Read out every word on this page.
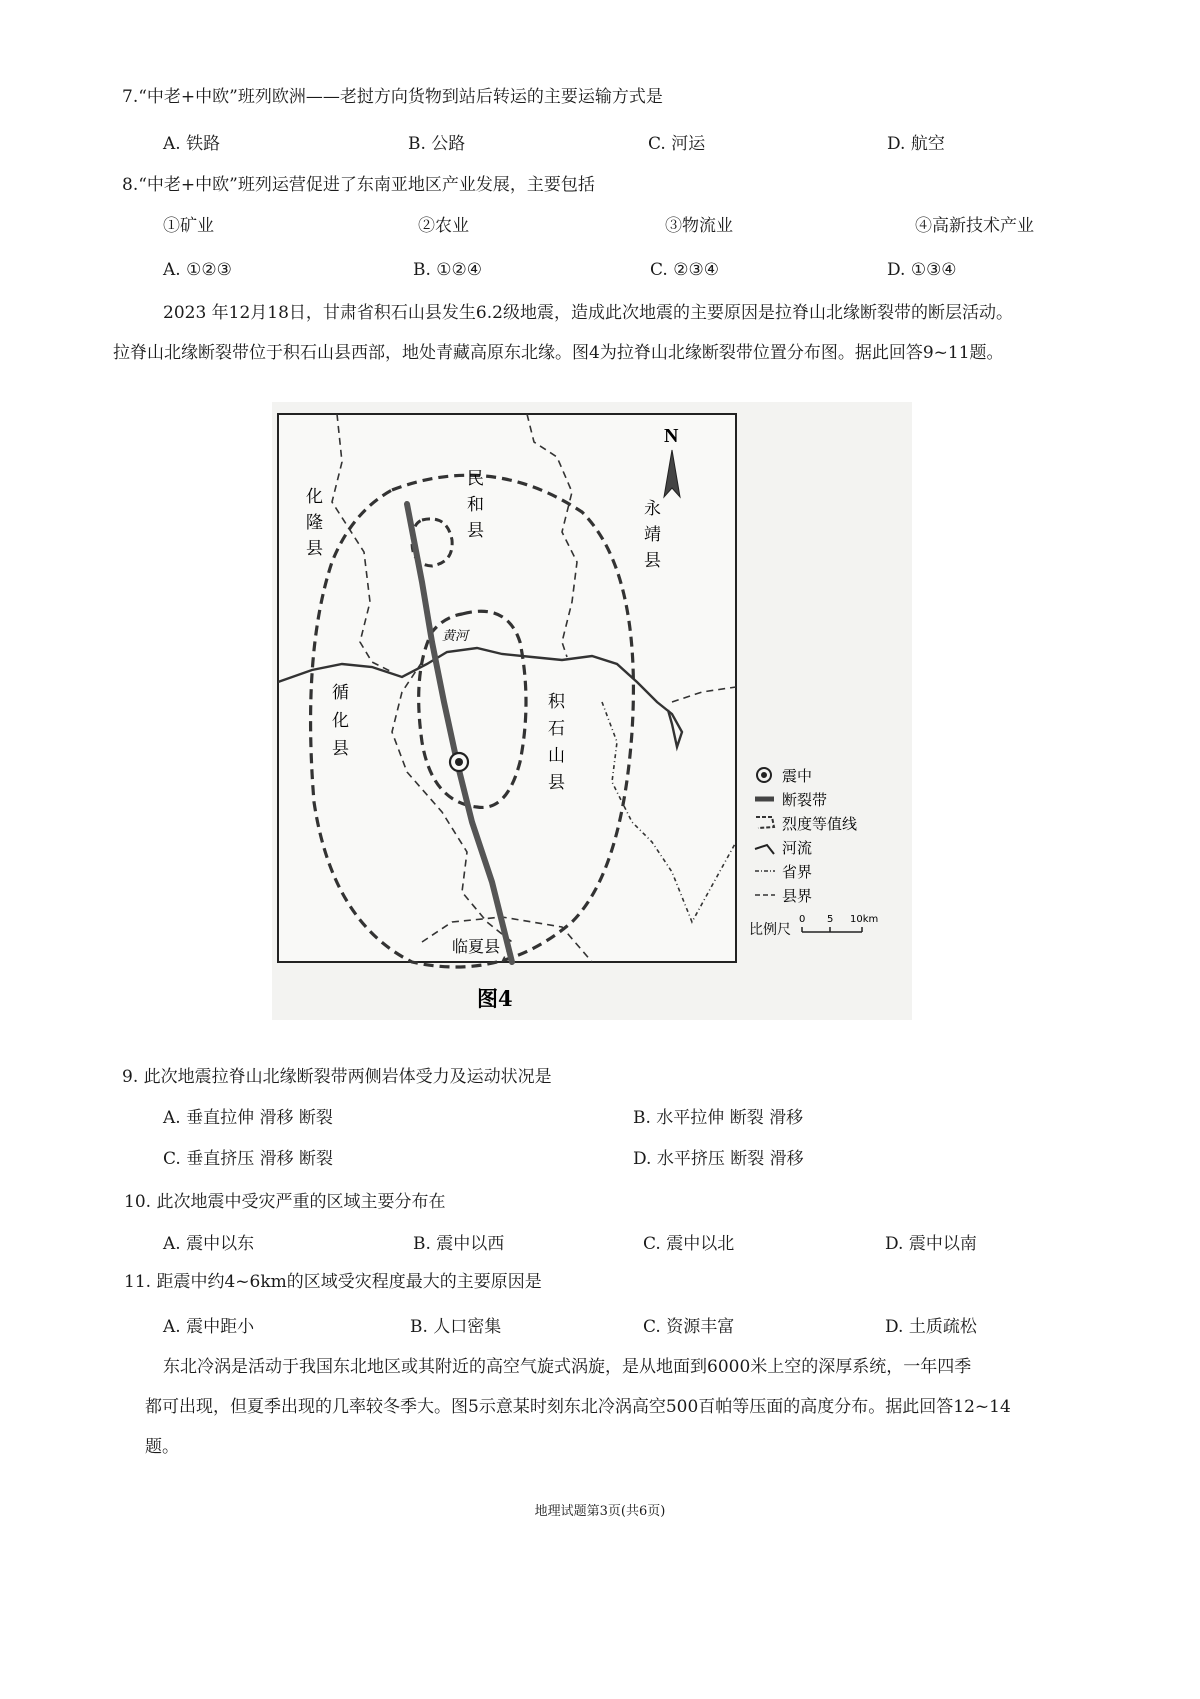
7.“中老+中欧”班列欧洲——老挝方向货物到站后转运的主要运输方式是
A. 铁路	B. 公路	C. 河运	D. 航空
8.“中老+中欧”班列运营促进了东南亚地区产业发展，主要包括
①矿业	②农业	③物流业	④高新技术产业
A. ①②③	B. ①②④	C. ②③④	D. ①③④
2023 年12月18日，甘肃省积石山县发生6.2级地震，造成此次地震的主要原因是拉脊山北缘断裂带的断层活动。
拉脊山北缘断裂带位于积石山县西部，地处青藏高原东北缘。图4为拉脊山北缘断裂带位置分布图。据此回答9~11题。
N
化隆县
民和县
永靖县
循化县
积石山县
临夏县
黄河
震中
断裂带
烈度等值线
河流
省界
县界
比例尺
0 5 10km
图4
9. 此次地震拉脊山北缘断裂带两侧岩体受力及运动状况是
A. 垂直拉伸 滑移 断裂	B. 水平拉伸 断裂 滑移
C. 垂直挤压 滑移 断裂	D. 水平挤压 断裂 滑移
10. 此次地震中受灾严重的区域主要分布在
A. 震中以东	B. 震中以西	C. 震中以北	D. 震中以南
11. 距震中约4~6km的区域受灾程度最大的主要原因是
A. 震中距小	B. 人口密集	C. 资源丰富	D. 土质疏松
东北冷涡是活动于我国东北地区或其附近的高空气旋式涡旋，是从地面到6000米上空的深厚系统，一年四季
都可出现，但夏季出现的几率较冬季大。图5示意某时刻东北冷涡高空500百帕等压面的高度分布。据此回答12~14
题。
地理试题第3页(共6页)
